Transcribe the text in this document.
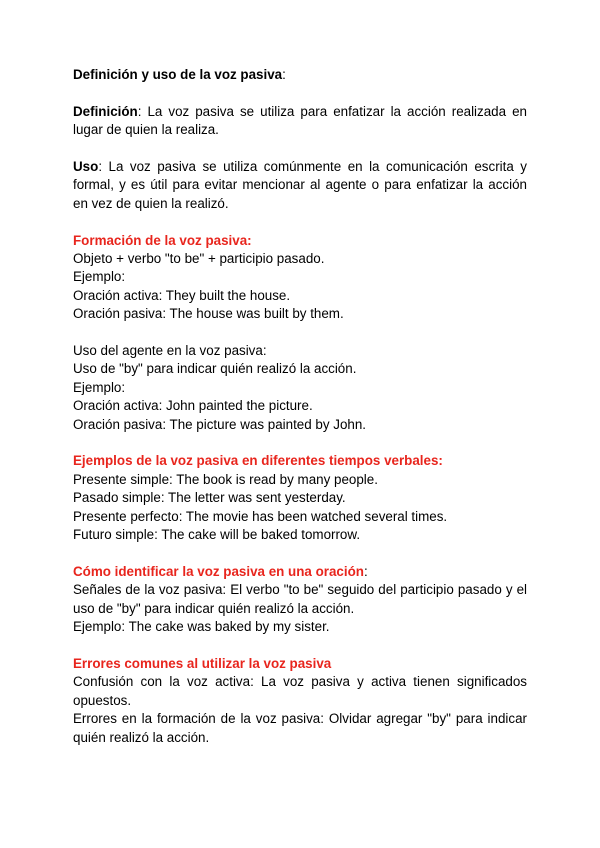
Definición y uso de la voz pasiva:

Definición: La voz pasiva se utiliza para enfatizar la acción realizada en lugar de quien la realiza.

Uso: La voz pasiva se utiliza comúnmente en la comunicación escrita y formal, y es útil para evitar mencionar al agente o para enfatizar la acción en vez de quien la realizó.

Formación de la voz pasiva:
Objeto + verbo "to be" + participio pasado.
Ejemplo:
Oración activa: They built the house.
Oración pasiva: The house was built by them.
Uso del agente en la voz pasiva:
Uso de "by" para indicar quién realizó la acción.
Ejemplo:
Oración activa: John painted the picture.
Oración pasiva: The picture was painted by John.
Ejemplos de la voz pasiva en diferentes tiempos verbales:
Presente simple: The book is read by many people.
Pasado simple: The letter was sent yesterday.
Presente perfecto: The movie has been watched several times.
Futuro simple: The cake will be baked tomorrow.
Cómo identificar la voz pasiva en una oración:
Señales de la voz pasiva: El verbo "to be" seguido del participio pasado y el uso de "by" para indicar quién realizó la acción.
Ejemplo: The cake was baked by my sister.
Errores comunes al utilizar la voz pasiva
Confusión con la voz activa: La voz pasiva y activa tienen significados opuestos.
Errores en la formación de la voz pasiva: Olvidar agregar "by" para indicar quién realizó la acción.
